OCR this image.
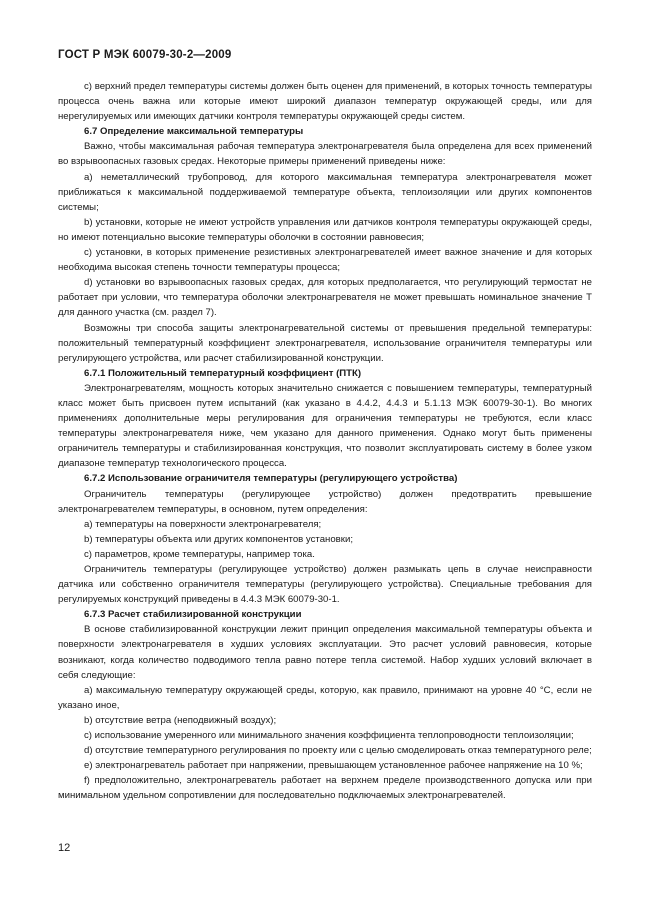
ГОСТ Р МЭК 60079-30-2—2009

с) верхний предел температуры системы должен быть оценен для применений, в которых точность температуры процесса очень важна или которые имеют широкий диапазон температур окружающей среды, или для нерегулируемых или имеющих датчики контроля температуры окружающей среды систем.

6.7 Определение максимальной температуры

Важно, чтобы максимальная рабочая температура электронагревателя была определена для всех применений во взрывоопасных газовых средах. Некоторые примеры применений приведены ниже:

а) неметаллический трубопровод, для которого максимальная температура электронагревателя может приближаться к максимальной поддерживаемой температуре объекта, теплоизоляции или других компонентов системы;

b) установки, которые не имеют устройств управления или датчиков контроля температуры окружающей среды, но имеют потенциально высокие температуры оболочки в состоянии равновесия;

с) установки, в которых применение резистивных электронагревателей имеет важное значение и для которых необходима высокая степень точности температуры процесса;

d) установки во взрывоопасных газовых средах, для которых предполагается, что регулирующий термостат не работает при условии, что температура оболочки электронагревателя не может превышать номинальное значение Т для данного участка (см. раздел 7).

Возможны три способа защиты электронагревательной системы от превышения предельной температуры: положительный температурный коэффициент электронагревателя, использование ограничителя температуры или регулирующего устройства, или расчет стабилизированной конструкции.

6.7.1 Положительный температурный коэффициент (ПТК)

Электронагревателям, мощность которых значительно снижается с повышением температуры, температурный класс может быть присвоен путем испытаний (как указано в 4.4.2, 4.4.3 и 5.1.13 МЭК 60079-30-1). Во многих применениях дополнительные меры регулирования для ограничения температуры не требуются, если класс температуры электронагревателя ниже, чем указано для данного применения. Однако могут быть применены ограничитель температуры и стабилизированная конструкция, что позволит эксплуатировать систему в более узком диапазоне температур технологического процесса.

6.7.2 Использование ограничителя температуры (регулирующего устройства)

Ограничитель температуры (регулирующее устройство) должен предотвратить превышение электронагревателем температуры, в основном, путем определения:

а) температуры на поверхности электронагревателя;

b) температуры объекта или других компонентов установки;

с) параметров, кроме температуры, например тока.

Ограничитель температуры (регулирующее устройство) должен размыкать цепь в случае неисправности датчика или собственно ограничителя температуры (регулирующего устройства). Специальные требования для регулируемых конструкций приведены в 4.4.3 МЭК 60079-30-1.

6.7.3 Расчет стабилизированной конструкции

В основе стабилизированной конструкции лежит принцип определения максимальной температуры объекта и поверхности электронагревателя в худших условиях эксплуатации. Это расчет условий равновесия, которые возникают, когда количество подводимого тепла равно потере тепла системой. Набор худших условий включает в себя следующие:

а) максимальную температуру окружающей среды, которую, как правило, принимают на уровне 40 °С, если не указано иное,

b) отсутствие ветра (неподвижный воздух);

с) использование умеренного или минимального значения коэффициента теплопроводности теплоизоляции;

d) отсутствие температурного регулирования по проекту или с целью смоделировать отказ температурного реле;

е) электронагреватель работает при напряжении, превышающем установленное рабочее напряжение на 10 %;

f) предположительно, электронагреватель работает на верхнем пределе производственного допуска или при минимальном удельном сопротивлении для последовательно подключаемых электронагревателей.

12
